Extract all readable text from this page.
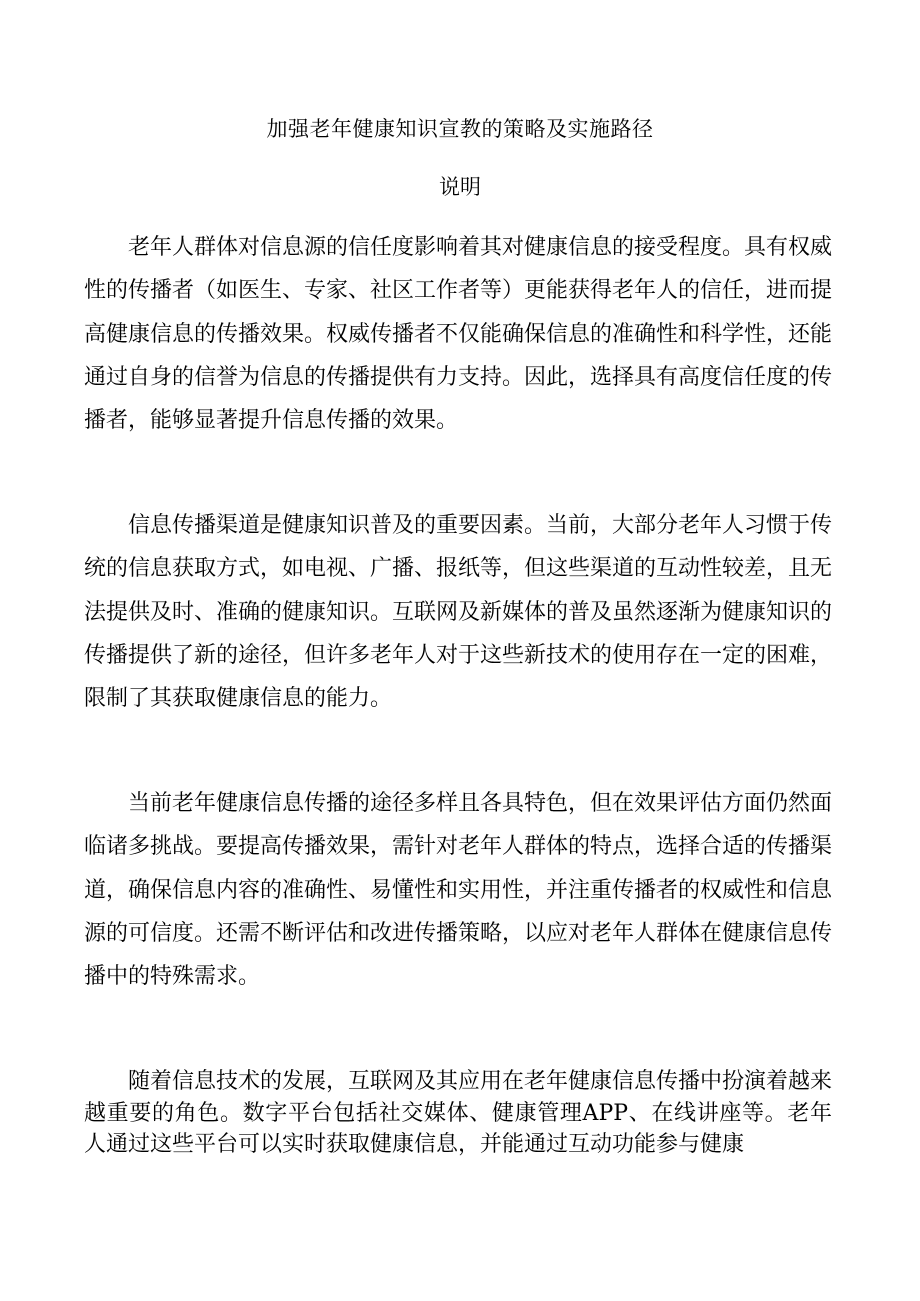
加强老年健康知识宣教的策略及实施路径
说明

老年人群体对信息源的信任度影响着其对健康信息的接受程度。具有权威性的传播者（如医生、专家、社区工作者等）更能获得老年人的信任，进而提高健康信息的传播效果。权威传播者不仅能确保信息的准确性和科学性，还能通过自身的信誉为信息的传播提供有力支持。因此，选择具有高度信任度的传播者，能够显著提升信息传播的效果。

信息传播渠道是健康知识普及的重要因素。当前，大部分老年人习惯于传统的信息获取方式，如电视、广播、报纸等，但这些渠道的互动性较差，且无法提供及时、准确的健康知识。互联网及新媒体的普及虽然逐渐为健康知识的传播提供了新的途径，但许多老年人对于这些新技术的使用存在一定的困难，限制了其获取健康信息的能力。

当前老年健康信息传播的途径多样且各具特色，但在效果评估方面仍然面临诸多挑战。要提高传播效果，需针对老年人群体的特点，选择合适的传播渠道，确保信息内容的准确性、易懂性和实用性，并注重传播者的权威性和信息源的可信度。还需不断评估和改进传播策略，以应对老年人群体在健康信息传播中的特殊需求。

随着信息技术的发展，互联网及其应用在老年健康信息传播中扮演着越来越重要的角色。数字平台包括社交媒体、健康管理APP、在线讲座等。老年人通过这些平台可以实时获取健康信息，并能通过互动功能参与健康
